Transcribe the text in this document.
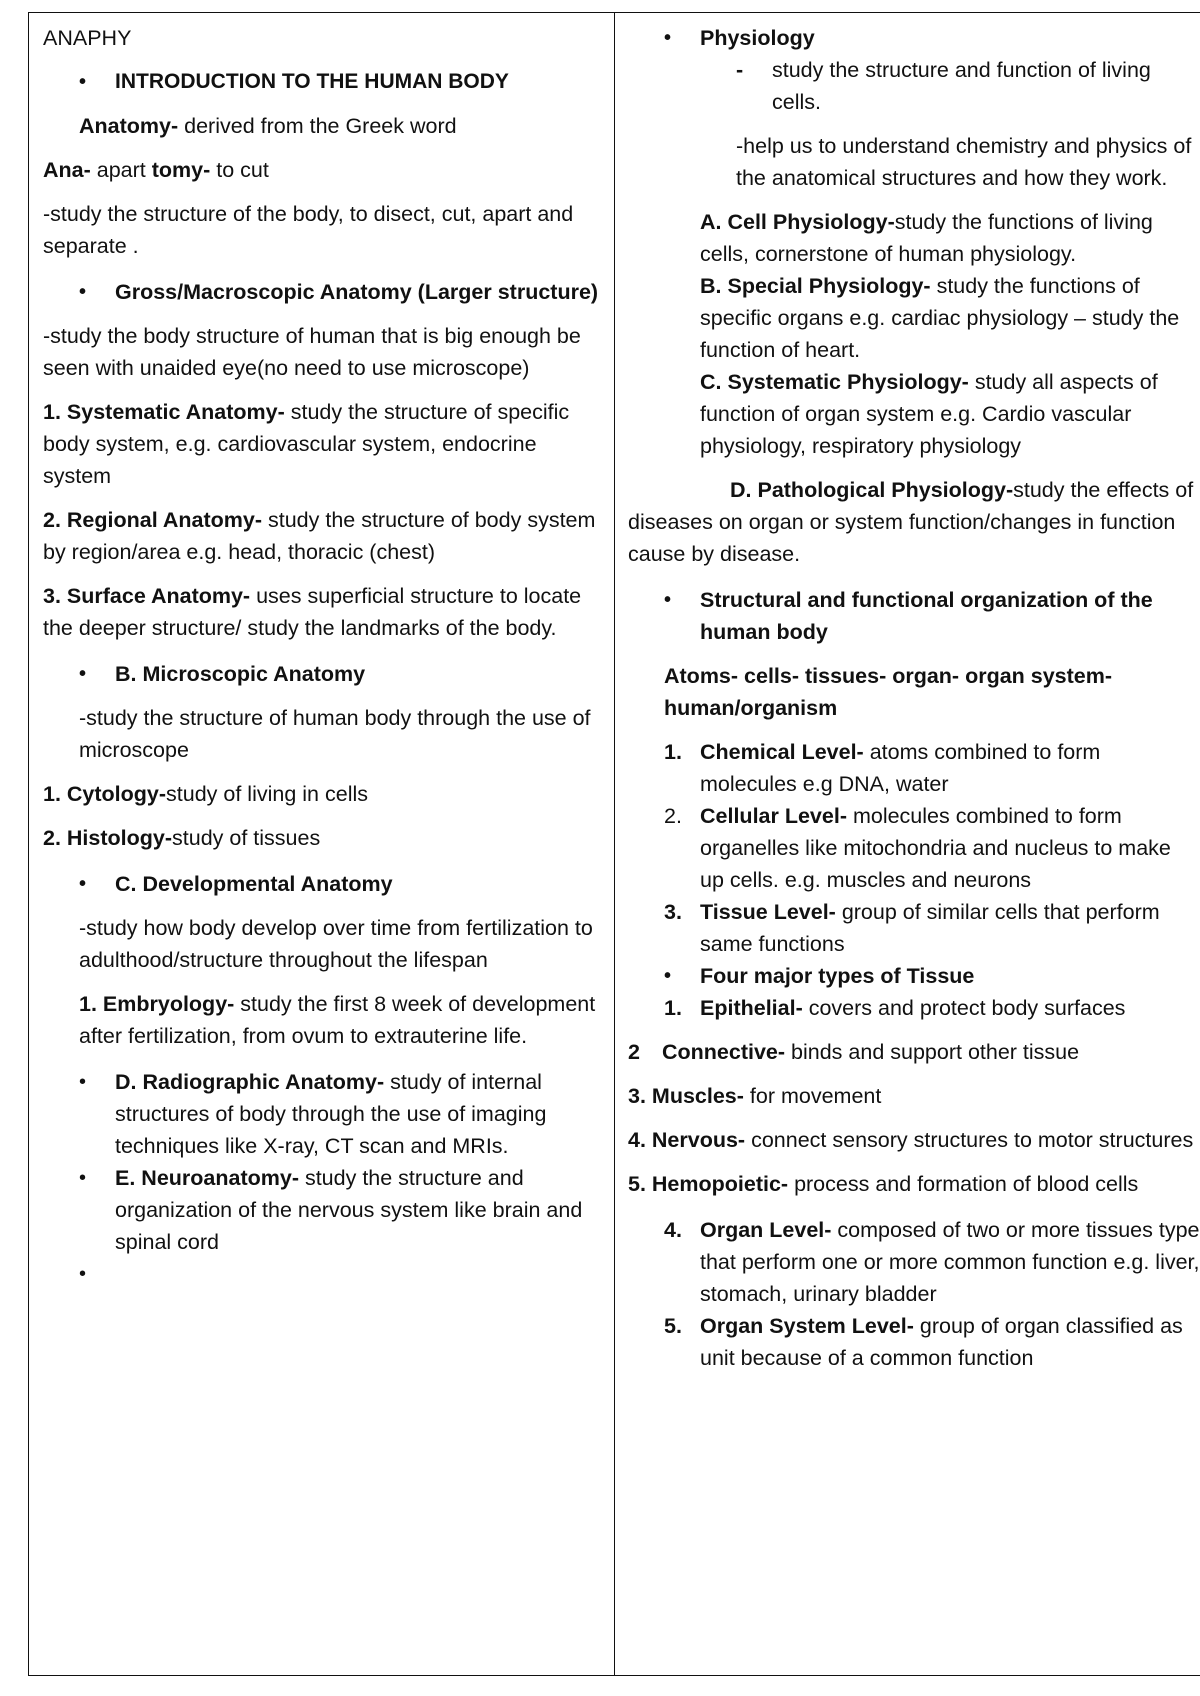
ANAPHY

• INTRODUCTION TO THE HUMAN BODY

Anatomy- derived from the Greek word

Ana- apart tomy- to cut

-study the structure of the body, to disect, cut, apart and separate .

• Gross/Macroscopic Anatomy (Larger structure)

-study the body structure of human that is big enough be seen with unaided eye(no need to use microscope)

1. Systematic Anatomy- study the structure of specific body system, e.g. cardiovascular system, endocrine system

2. Regional Anatomy- study the structure of body system by region/area e.g. head, thoracic (chest)

3. Surface Anatomy- uses superficial structure to locate the deeper structure/ study the landmarks of the body.

• B. Microscopic Anatomy

-study the structure of human body through the use of microscope

1. Cytology-study of living in cells

2. Histology-study of tissues

• C. Developmental Anatomy

-study how body develop over time from fertilization to adulthood/structure throughout the lifespan

1. Embryology- study the first 8 week of development after fertilization, from ovum to extrauterine life.

• D. Radiographic Anatomy- study of internal structures of body through the use of imaging techniques like X-ray, CT scan and MRIs.

• E. Neuroanatomy- study the structure and organization of the nervous system like brain and spinal cord

•

• Physiology

- study the structure and function of living cells.

-help us to understand chemistry and physics of the anatomical structures and how they work.

A. Cell Physiology-study the functions of living cells, cornerstone of human physiology.

B. Special Physiology- study the functions of specific organs e.g. cardiac physiology – study the function of heart.

C. Systematic Physiology- study all aspects of function of organ system e.g. Cardio vascular physiology, respiratory physiology

D. Pathological Physiology-study the effects of diseases on organ or system function/changes in function cause by disease.

• Structural and functional organization of the human body

Atoms- cells- tissues- organ- organ system- human/organism

1. Chemical Level- atoms combined to form molecules e.g DNA, water

2. Cellular Level- molecules combined to form organelles like mitochondria and nucleus to make up cells. e.g. muscles and neurons

3. Tissue Level- group of similar cells that perform same functions

• Four major types of Tissue

1. Epithelial- covers and protect body surfaces

2 Connective- binds and support other tissue

3. Muscles- for movement

4. Nervous- connect sensory structures to motor structures

5. Hemopoietic- process and formation of blood cells

4. Organ Level- composed of two or more tissues type that perform one or more common function e.g. liver, stomach, urinary bladder

5. Organ System Level- group of organ classified as unit because of a common function
